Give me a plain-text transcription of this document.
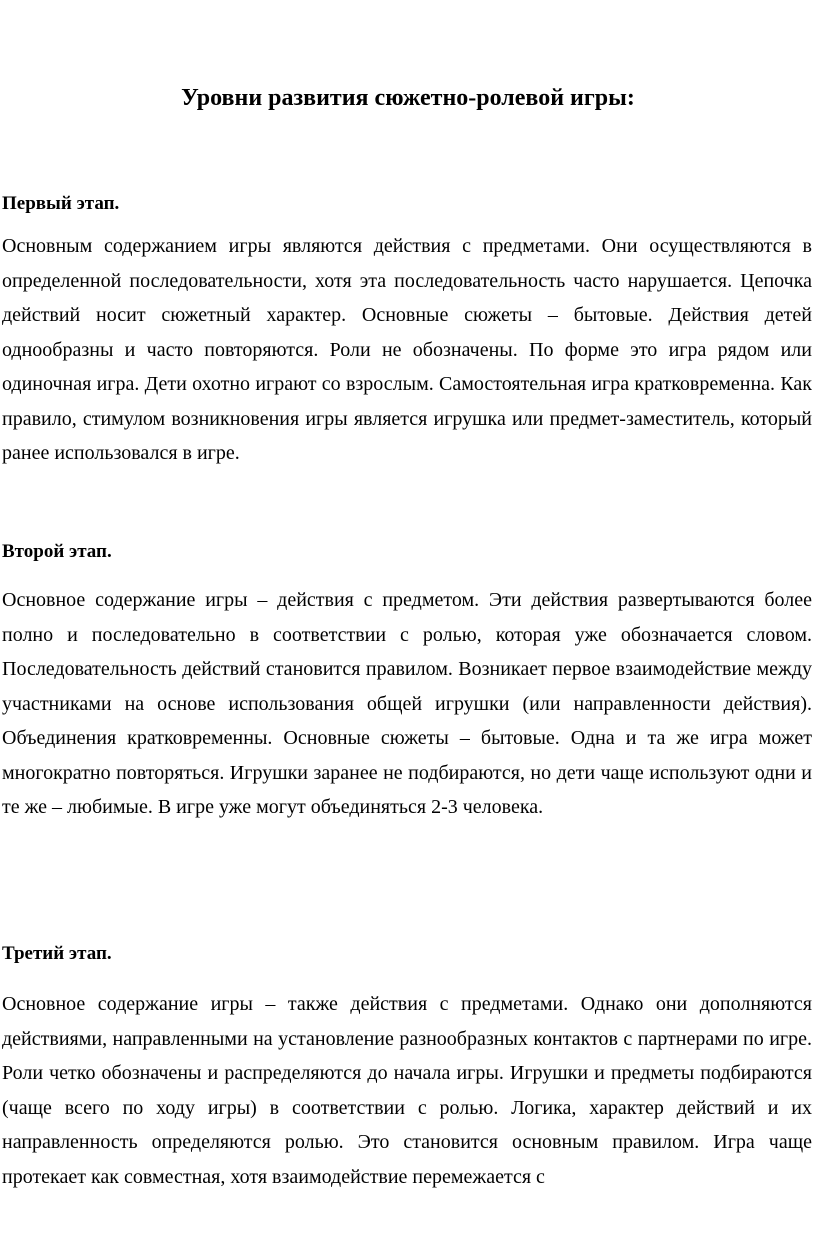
Уровни развития сюжетно-ролевой игры:
Первый этап.

Основным содержанием игры являются действия с предметами. Они осуществляются в определенной последовательности, хотя эта последовательность часто нарушается. Цепочка действий носит сюжетный характер. Основные сюжеты – бытовые. Действия детей однообразны и часто повторяются. Роли не обозначены. По форме это игра рядом или одиночная игра. Дети охотно играют со взрослым. Самостоятельная игра кратковременна. Как правило, стимулом возникновения игры является игрушка или предмет-заместитель, который ранее использовался в игре.

Второй этап.

Основное содержание игры – действия с предметом. Эти действия развертываются более полно и последовательно в соответствии с ролью, которая уже обозначается словом. Последовательность действий становится правилом. Возникает первое взаимодействие между участниками на основе использования общей игрушки (или направленности действия). Объединения кратковременны. Основные сюжеты – бытовые. Одна и та же игра может многократно повторяться. Игрушки заранее не подбираются, но дети чаще используют одни и те же – любимые. В игре уже могут объединяться 2-3 человека.

Третий этап.

Основное содержание игры – также действия с предметами. Однако они дополняются действиями, направленными на установление разнообразных контактов с партнерами по игре. Роли четко обозначены и распределяются до начала игры. Игрушки и предметы подбираются (чаще всего по ходу игры) в соответствии с ролью. Логика, характер действий и их направленность определяются ролью. Это становится основным правилом. Игра чаще протекает как совместная, хотя взаимодействие перемежается с
